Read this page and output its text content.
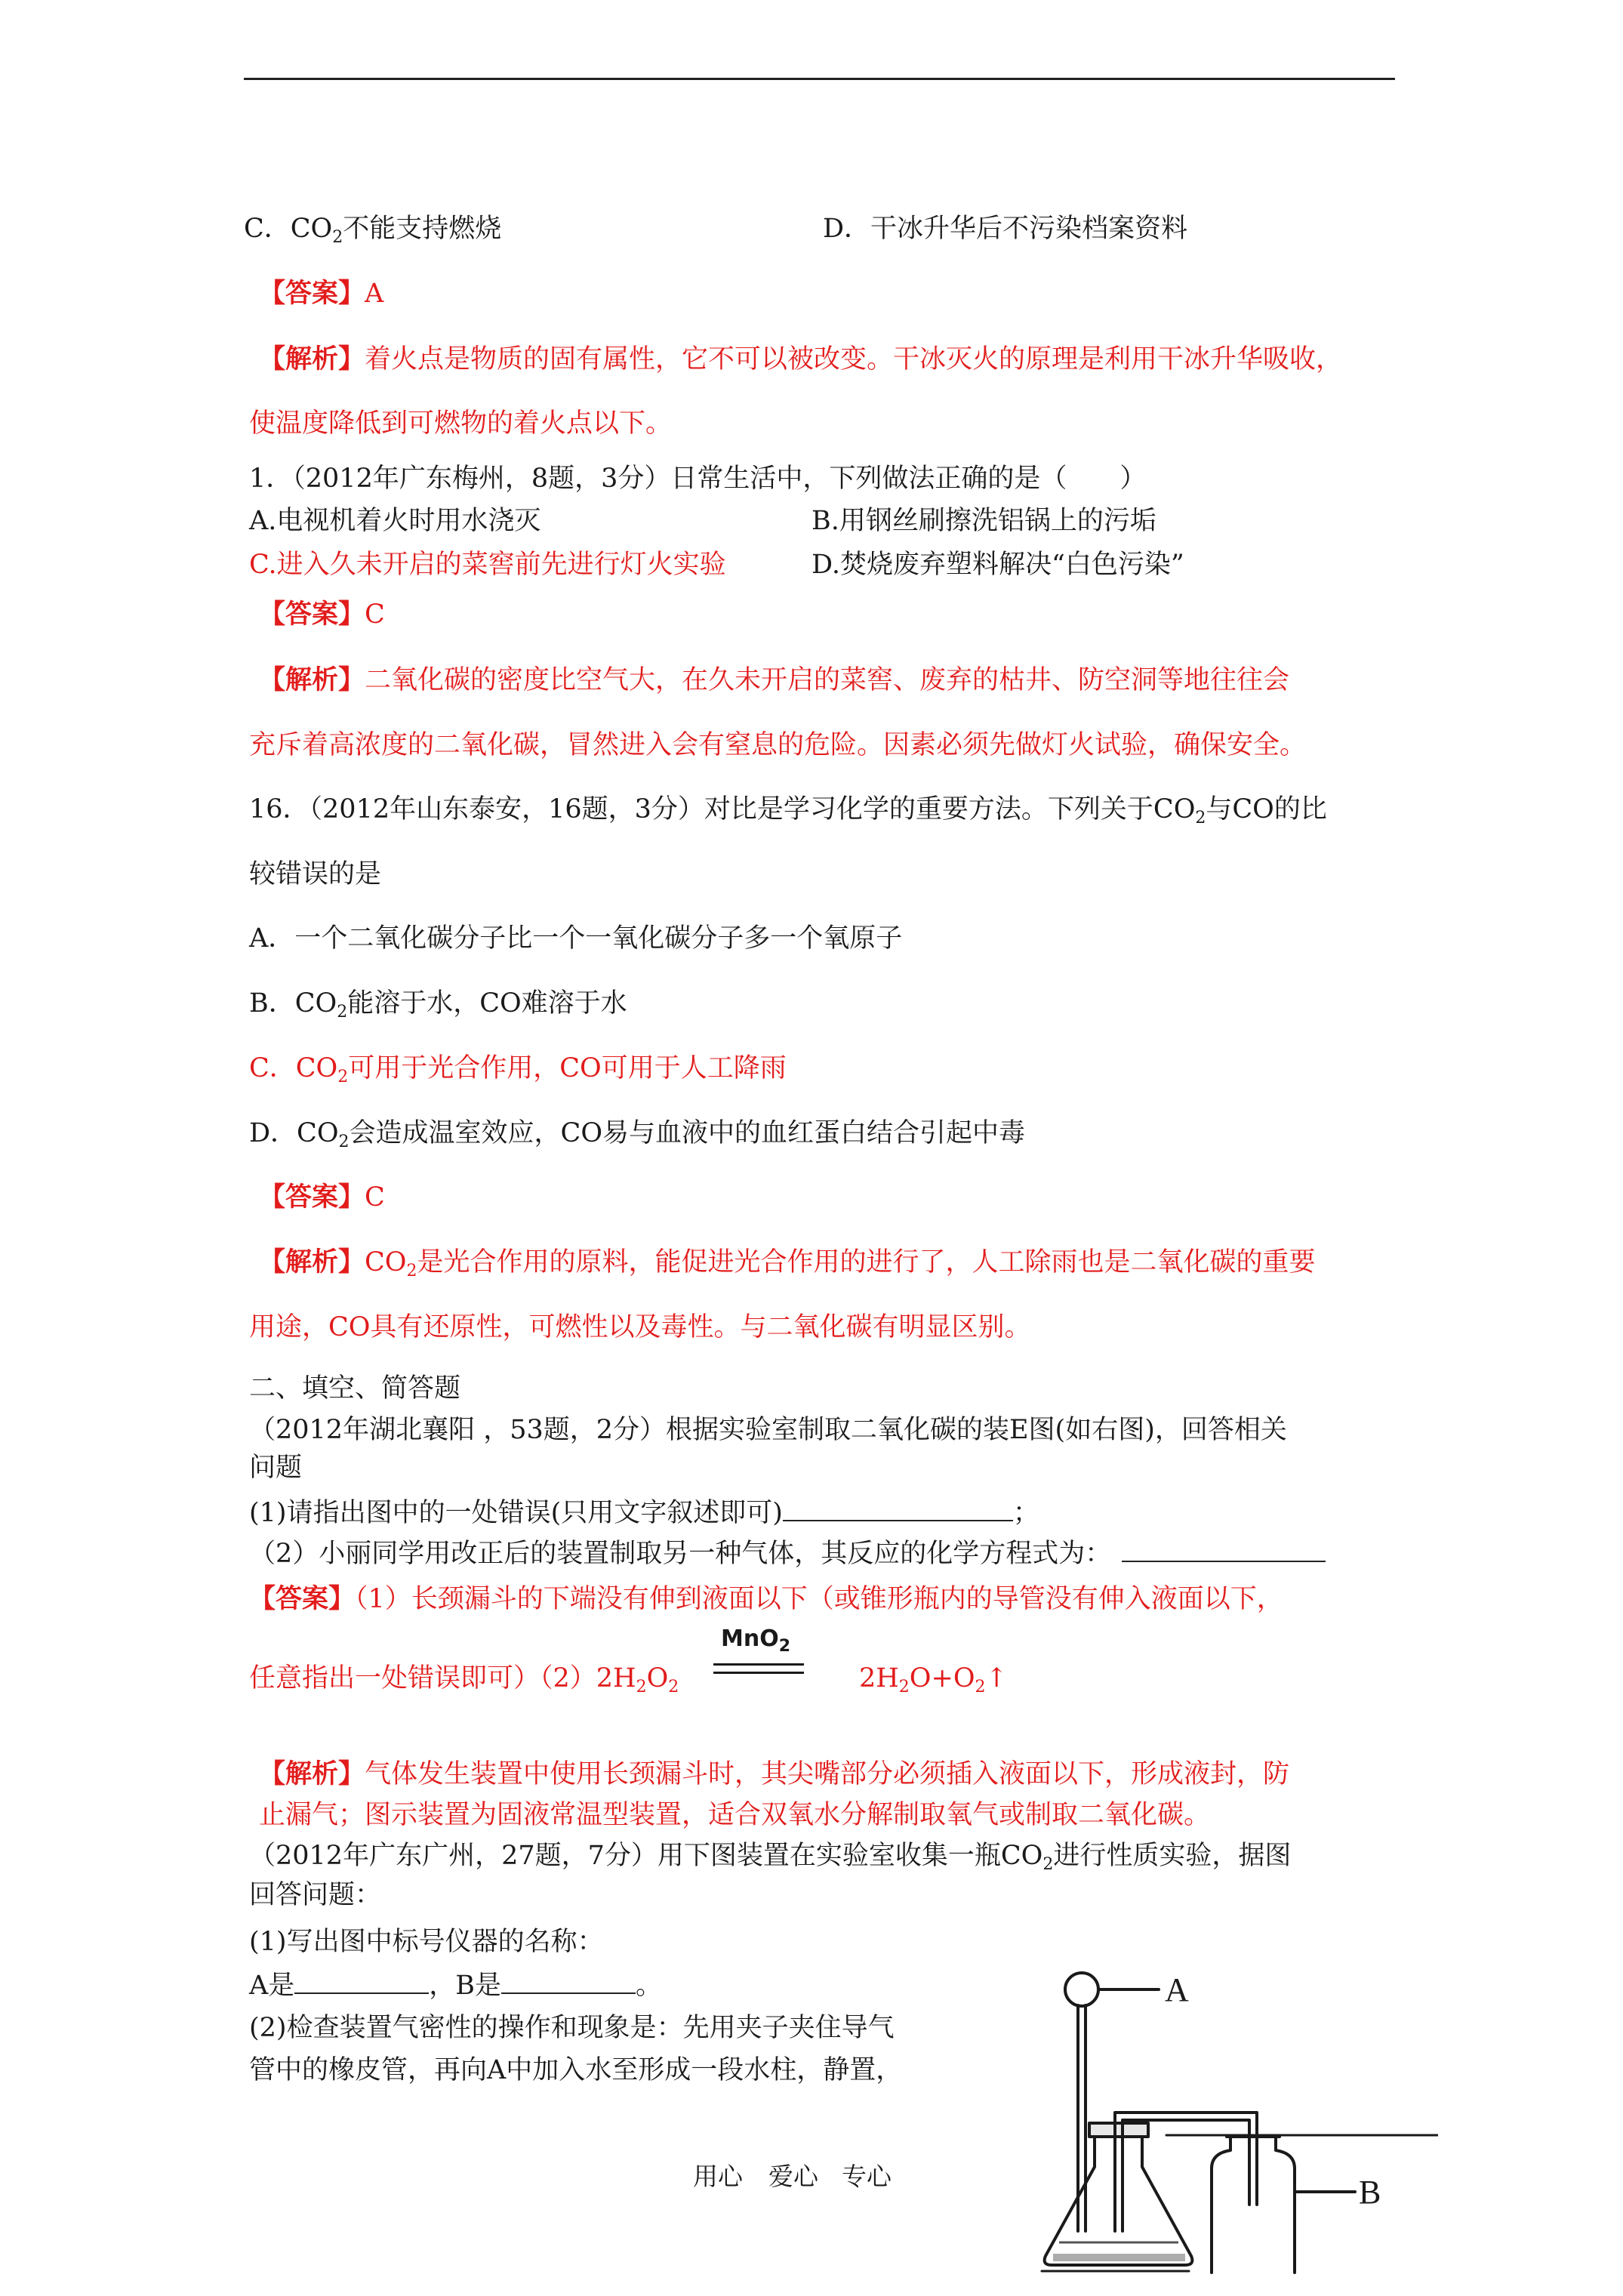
C．$CO_2$不能支持燃烧	D．干冰升华后不污染档案资料
【答案】A
【解析】着火点是物质的固有属性，它不可以被改变。干冰灭火的原理是利用干冰升华吸收，
使温度降低到可燃物的着火点以下。
1．（2012年广东梅州，8题，3分）日常生活中，下列做法正确的是（　　）
A.电视机着火时用水浇灭	B.用钢丝刷擦洗铝锅上的污垢
C.进入久未开启的菜窖前先进行灯火实验	D.焚烧废弃塑料解决“白色污染”
【答案】C
【解析】二氧化碳的密度比空气大，在久未开启的菜窖、废弃的枯井、防空洞等地往往会
充斥着高浓度的二氧化碳，冒然进入会有窒息的危险。因素必须先做灯火试验，确保安全。
16．（2012年山东泰安，16题，3分）对比是学习化学的重要方法。下列关于$CO_2$与CO的比
较错误的是
A．一个二氧化碳分子比一个一氧化碳分子多一个氧原子
B．$CO_2$能溶于水，CO难溶于水
C．$CO_2$可用于光合作用，CO可用于人工降雨
D．$CO_2$会造成温室效应，CO易与血液中的血红蛋白结合引起中毒
【答案】C
【解析】$CO_2$是光合作用的原料，能促进光合作用的进行了，人工除雨也是二氧化碳的重要
用途，CO具有还原性，可燃性以及毒性。与二氧化碳有明显区别。
二、填空、简答题
（2012年湖北襄阳 ，53题，2分）根据实验室制取二氧化碳的装E图(如右图)，回答相关
问题
(1)请指出图中的一处错误(只用文字叙述即可)	；
（2）小丽同学用改正后的装置制取另一种气体，其反应的化学方程式为：
【答案】（1）长颈漏斗的下端没有伸到液面以下（或锥形瓶内的导管没有伸入液面以下，
任意指出一处错误即可）$(2)2H_2O_2$
MnO$_2$
$2H_2O+O_2↑$
【解析】气体发生装置中使用长颈漏斗时，其尖嘴部分必须插入液面以下，形成液封，防
止漏气；图示装置为固液常温型装置，适合双氧水分解制取氧气或制取二氧化碳。
（2012年广东广州，27题，7分）用下图装置在实验室收集一瓶$CO_2$进行性质实验，据图
回答问题：
(1)写出图中标号仪器的名称：
A是	，B是	。
(2)检查装置气密性的操作和现象是：先用夹子夹住导气
管中的橡皮管，再向A中加入水至形成一段水柱，静置，
A
B
用心 爱心 专心
